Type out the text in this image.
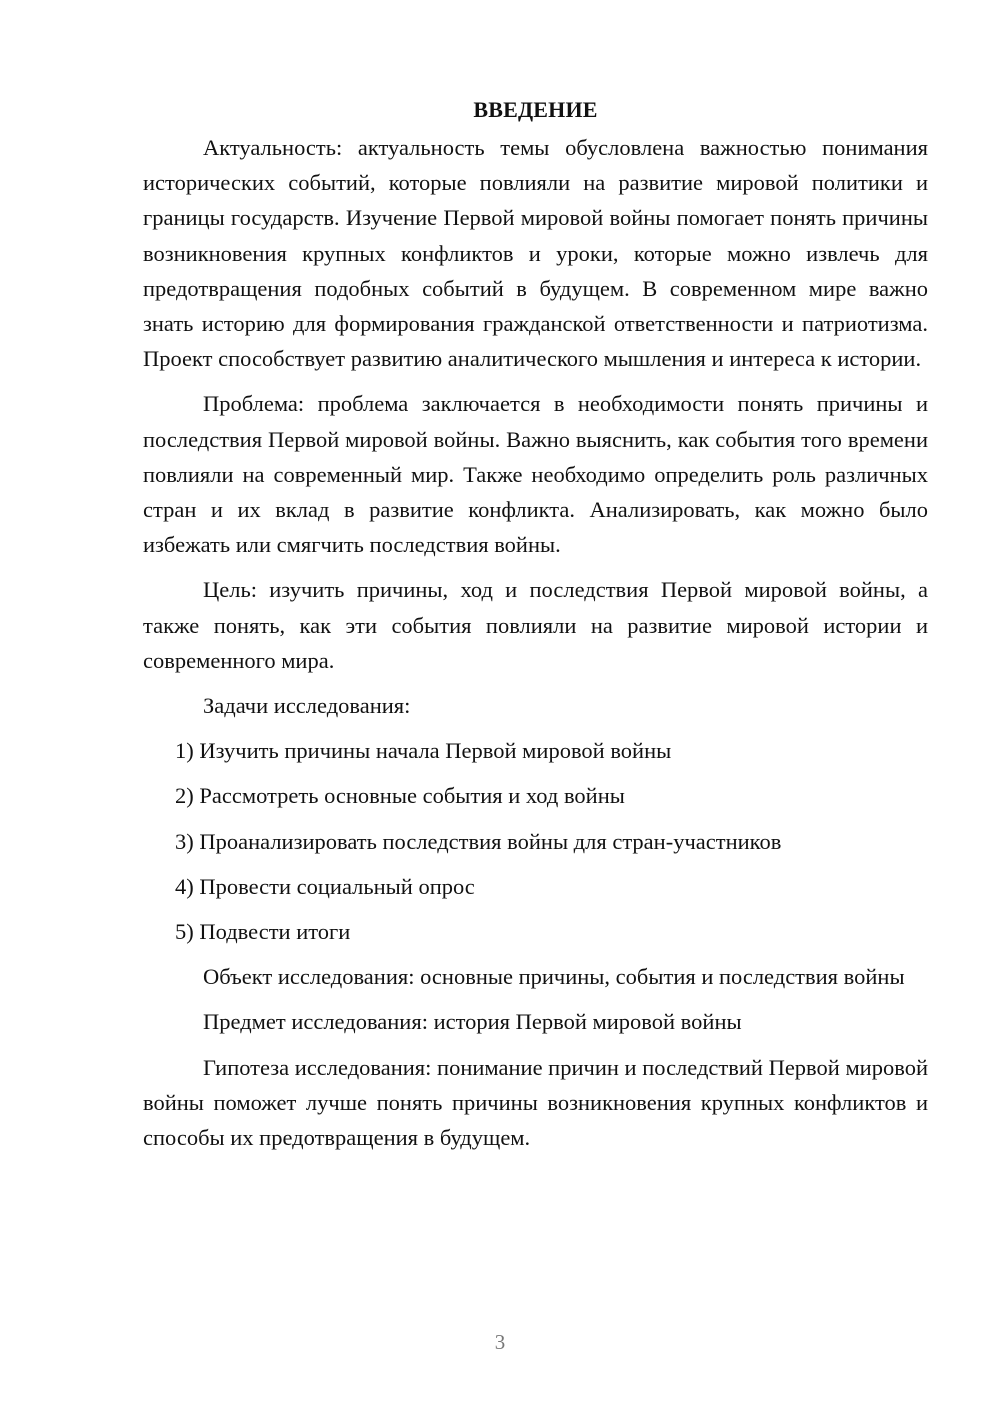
ВВЕДЕНИЕ

Актуальность: актуальность темы обусловлена важностью понимания исторических событий, которые повлияли на развитие мировой политики и границы государств. Изучение Первой мировой войны помогает понять причины возникновения крупных конфликтов и уроки, которые можно извлечь для предотвращения подобных событий в будущем. В современном мире важно знать историю для формирования гражданской ответственности и патриотизма. Проект способствует развитию аналитического мышления и интереса к истории.

Проблема: проблема заключается в необходимости понять причины и последствия Первой мировой войны. Важно выяснить, как события того времени повлияли на современный мир. Также необходимо определить роль различных стран и их вклад в развитие конфликта. Анализировать, как можно было избежать или смягчить последствия войны.

Цель: изучить причины, ход и последствия Первой мировой войны, а также понять, как эти события повлияли на развитие мировой истории и современного мира.

Задачи исследования:

1) Изучить причины начала Первой мировой войны
2) Рассмотреть основные события и ход войны
3) Проанализировать последствия войны для стран-участников
4) Провести социальный опрос
5) Подвести итоги

Объект исследования: основные причины, события и последствия войны

Предмет исследования: история Первой мировой войны

Гипотеза исследования: понимание причин и последствий Первой мировой войны поможет лучше понять причины возникновения крупных конфликтов и способы их предотвращения в будущем.

3
